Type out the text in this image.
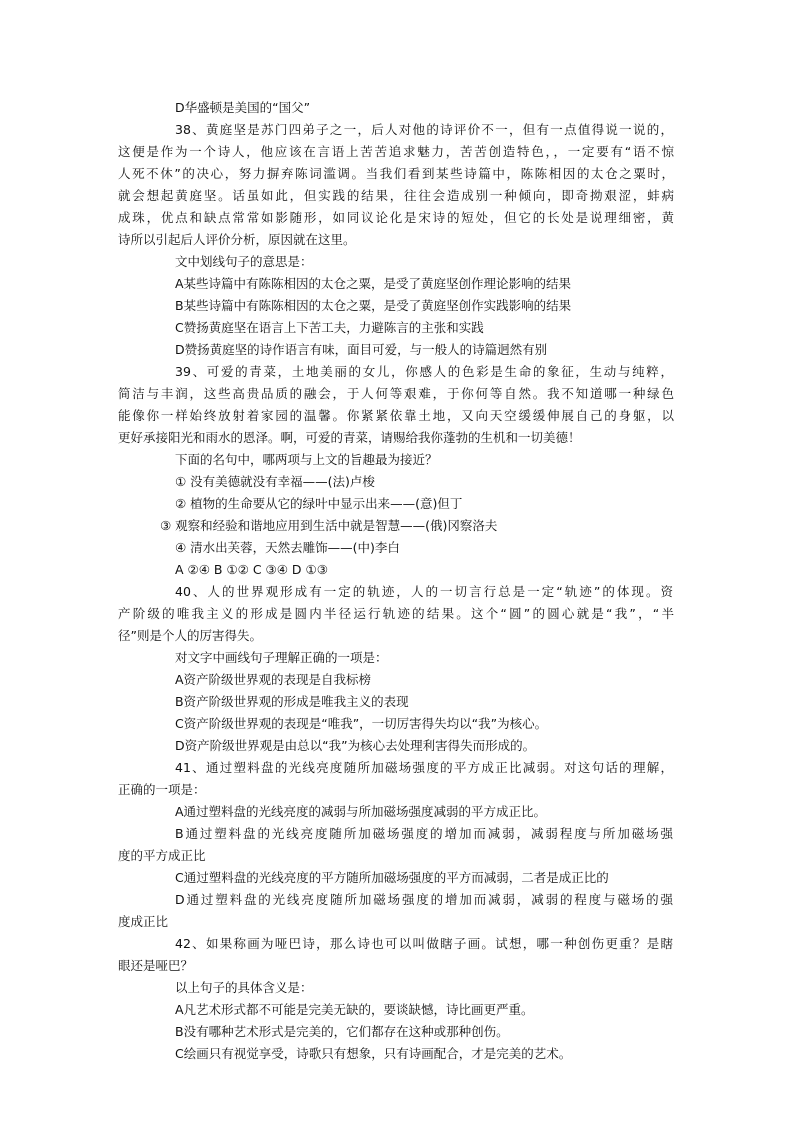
D华盛顿是美国的“国父”
38、黄庭坚是苏门四弟子之一，后人对他的诗评价不一，但有一点值得说一说的，
这便是作为一个诗人，他应该在言语上苦苦追求魅力，苦苦创造特色，，一定要有“语不惊
人死不休”的决心，努力摒弃陈词滥调。当我们看到某些诗篇中，陈陈相因的太仓之粟时，
就会想起黄庭坚。话虽如此，但实践的结果，往往会造成别一种倾向，即奇拗艰涩，蚌病
成珠，优点和缺点常常如影随形，如同议论化是宋诗的短处，但它的长处是说理细密，黄
诗所以引起后人评价分析，原因就在这里。
文中划线句子的意思是：
A某些诗篇中有陈陈相因的太仓之粟，是受了黄庭坚创作理论影响的结果
B某些诗篇中有陈陈相因的太仓之粟，是受了黄庭坚创作实践影响的结果
C赞扬黄庭坚在语言上下苦工夫，力避陈言的主张和实践
D赞扬黄庭坚的诗作语言有味，面目可爱，与一般人的诗篇迥然有别
39、可爱的青菜，土地美丽的女儿，你感人的色彩是生命的象征，生动与纯粹，
简洁与丰润，这些高贵品质的融会，于人何等艰难，于你何等自然。我不知道哪一种绿色
能像你一样始终放射着家园的温馨。你紧紧依靠土地，又向天空缓缓伸展自己的身躯，以
更好承接阳光和雨水的恩泽。啊，可爱的青菜，请赐给我你蓬勃的生机和一切美德！
下面的名句中，哪两项与上文的旨趣最为接近？
① 没有美德就没有幸福——(法)卢梭
② 植物的生命要从它的绿叶中显示出来——(意)但丁
③ 观察和经验和谐地应用到生活中就是智慧——(俄)冈察洛夫
④ 清水出芙蓉，天然去雕饰——(中)李白
A ②④ B ①② C ③④ D ①③
40、人的世界观形成有一定的轨迹，人的一切言行总是一定“轨迹”的体现。资
产阶级的唯我主义的形成是圆内半径运行轨迹的结果。这个“圆”的圆心就是“我”，“半
径”则是个人的厉害得失。
对文字中画线句子理解正确的一项是：
A资产阶级世界观的表现是自我标榜
B资产阶级世界观的形成是唯我主义的表现
C资产阶级世界观的表现是“唯我”，一切厉害得失均以“我”为核心。
D资产阶级世界观是由总以“我”为核心去处理利害得失而形成的。
41、通过塑料盘的光线亮度随所加磁场强度的平方成正比减弱。对这句话的理解，
正确的一项是：
A通过塑料盘的光线亮度的减弱与所加磁场强度减弱的平方成正比。
B通过塑料盘的光线亮度随所加磁场强度的增加而减弱，减弱程度与所加磁场强
度的平方成正比
C通过塑料盘的光线亮度的平方随所加磁场强度的平方而减弱，二者是成正比的
D通过塑料盘的光线亮度随所加磁场强度的增加而减弱，减弱的程度与磁场的强
度成正比
42、如果称画为哑巴诗，那么诗也可以叫做瞎子画。试想，哪一种创伤更重？是瞎
眼还是哑巴？
以上句子的具体含义是：
A凡艺术形式都不可能是完美无缺的，要谈缺憾，诗比画更严重。
B没有哪种艺术形式是完美的，它们都存在这种或那种创伤。
C绘画只有视觉享受，诗歌只有想象，只有诗画配合，才是完美的艺术。
